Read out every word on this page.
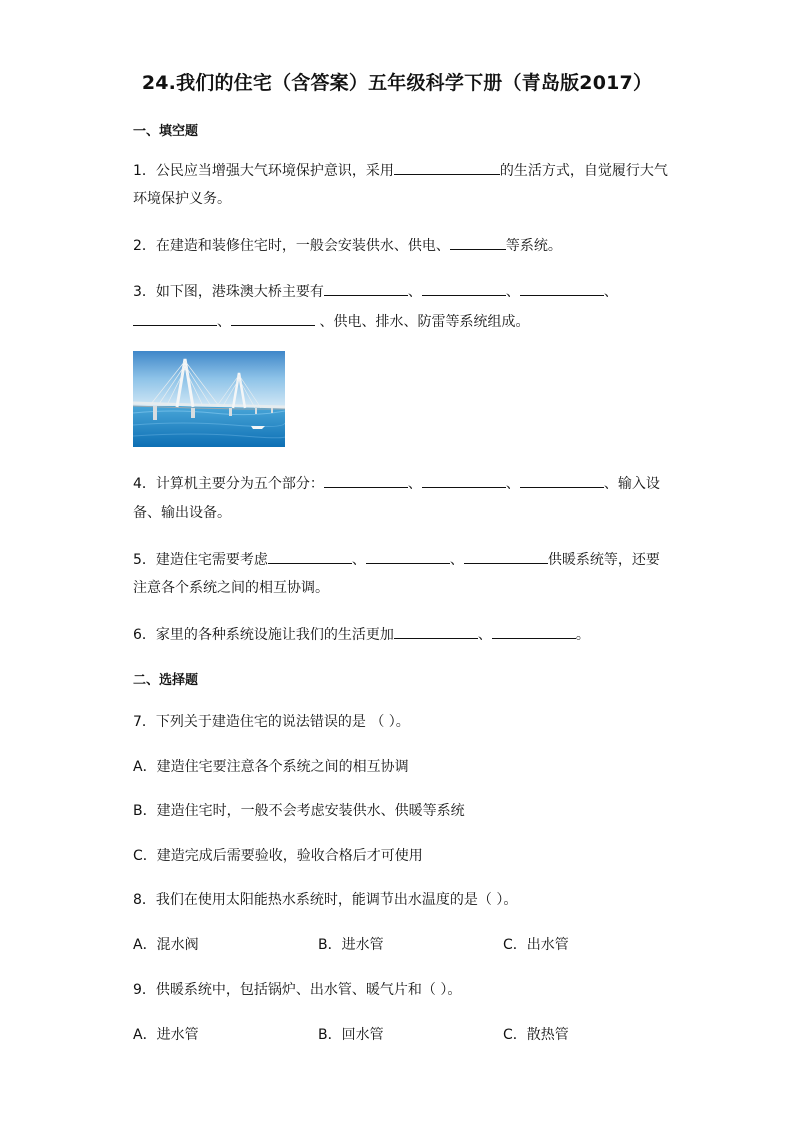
24.我们的住宅（含答案）五年级科学下册（青岛版2017）
一、填空题
1．公民应当增强大气环境保护意识，采用	的生活方式，自觉履行大气
环境保护义务。
2．在建造和装修住宅时，一般会安装供水、供电、	等系统。
3．如下图，港珠澳大桥主要有	、	、	、
、	、供电、排水、防雷等系统组成。
4．计算机主要分为五个部分：	、	、	、输入设
备、输出设备。
5．建造住宅需要考虑	、	、	供暖系统等，还要
注意各个系统之间的相互协调。
6．家里的各种系统设施让我们的生活更加	、	。
二、选择题
7．下列关于建造住宅的说法错误的是 （ ）。
A．建造住宅要注意各个系统之间的相互协调
B．建造住宅时，一般不会考虑安装供水、供暖等系统
C．建造完成后需要验收，验收合格后才可使用
8．我们在使用太阳能热水系统时，能调节出水温度的是（ ）。
A．混水阀	B．进水管	C．出水管
9．供暖系统中，包括锅炉、出水管、暖气片和（ ）。
A．进水管	B．回水管	C．散热管
